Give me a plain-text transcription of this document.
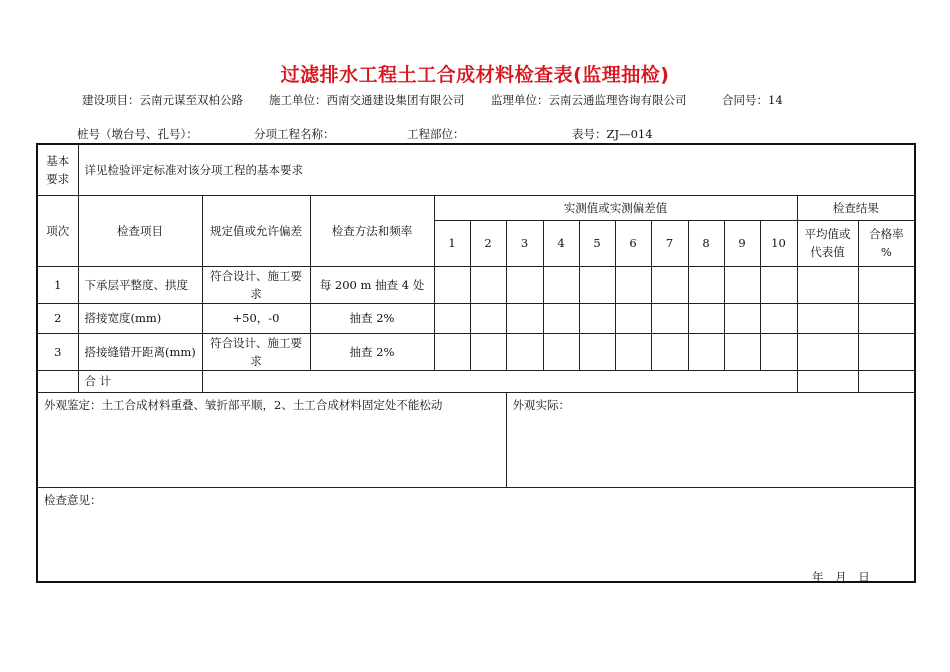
过滤排水工程土工合成材料检查表(监理抽检)
建设项目：云南元谋至双柏公路 施工单位：西南交通建设集团有限公司 监理单位：云南云通监理咨询有限公司	合同号：14
桩号（墩台号、孔号）：	分项工程名称：	工程部位：	表号：ZJ—014
基本
要求	详见检验评定标准对该分项工程的基本要求														
项次	检查项目	规定值或允许偏差	检查方法和频率	实测值或实测偏差值										检查结果	
				1	2	3	4	5	6	7	8	9	10	平均值或代表值	合格率
%

1	下承层平整度、拱度	符合设计、施工要求	每 200 m 抽查 4 处												
2	搭接宽度(mm)	+50，-0	抽查 2%												
3	搭接缝错开距离(mm)	符合设计、施工要求	抽查 2%												
	合 计														
外观鉴定：土工合成材料重叠、皱折部平顺，2、土工合成材料固定处不能松动						外观实际：									
检查意见：															
年 月 日
